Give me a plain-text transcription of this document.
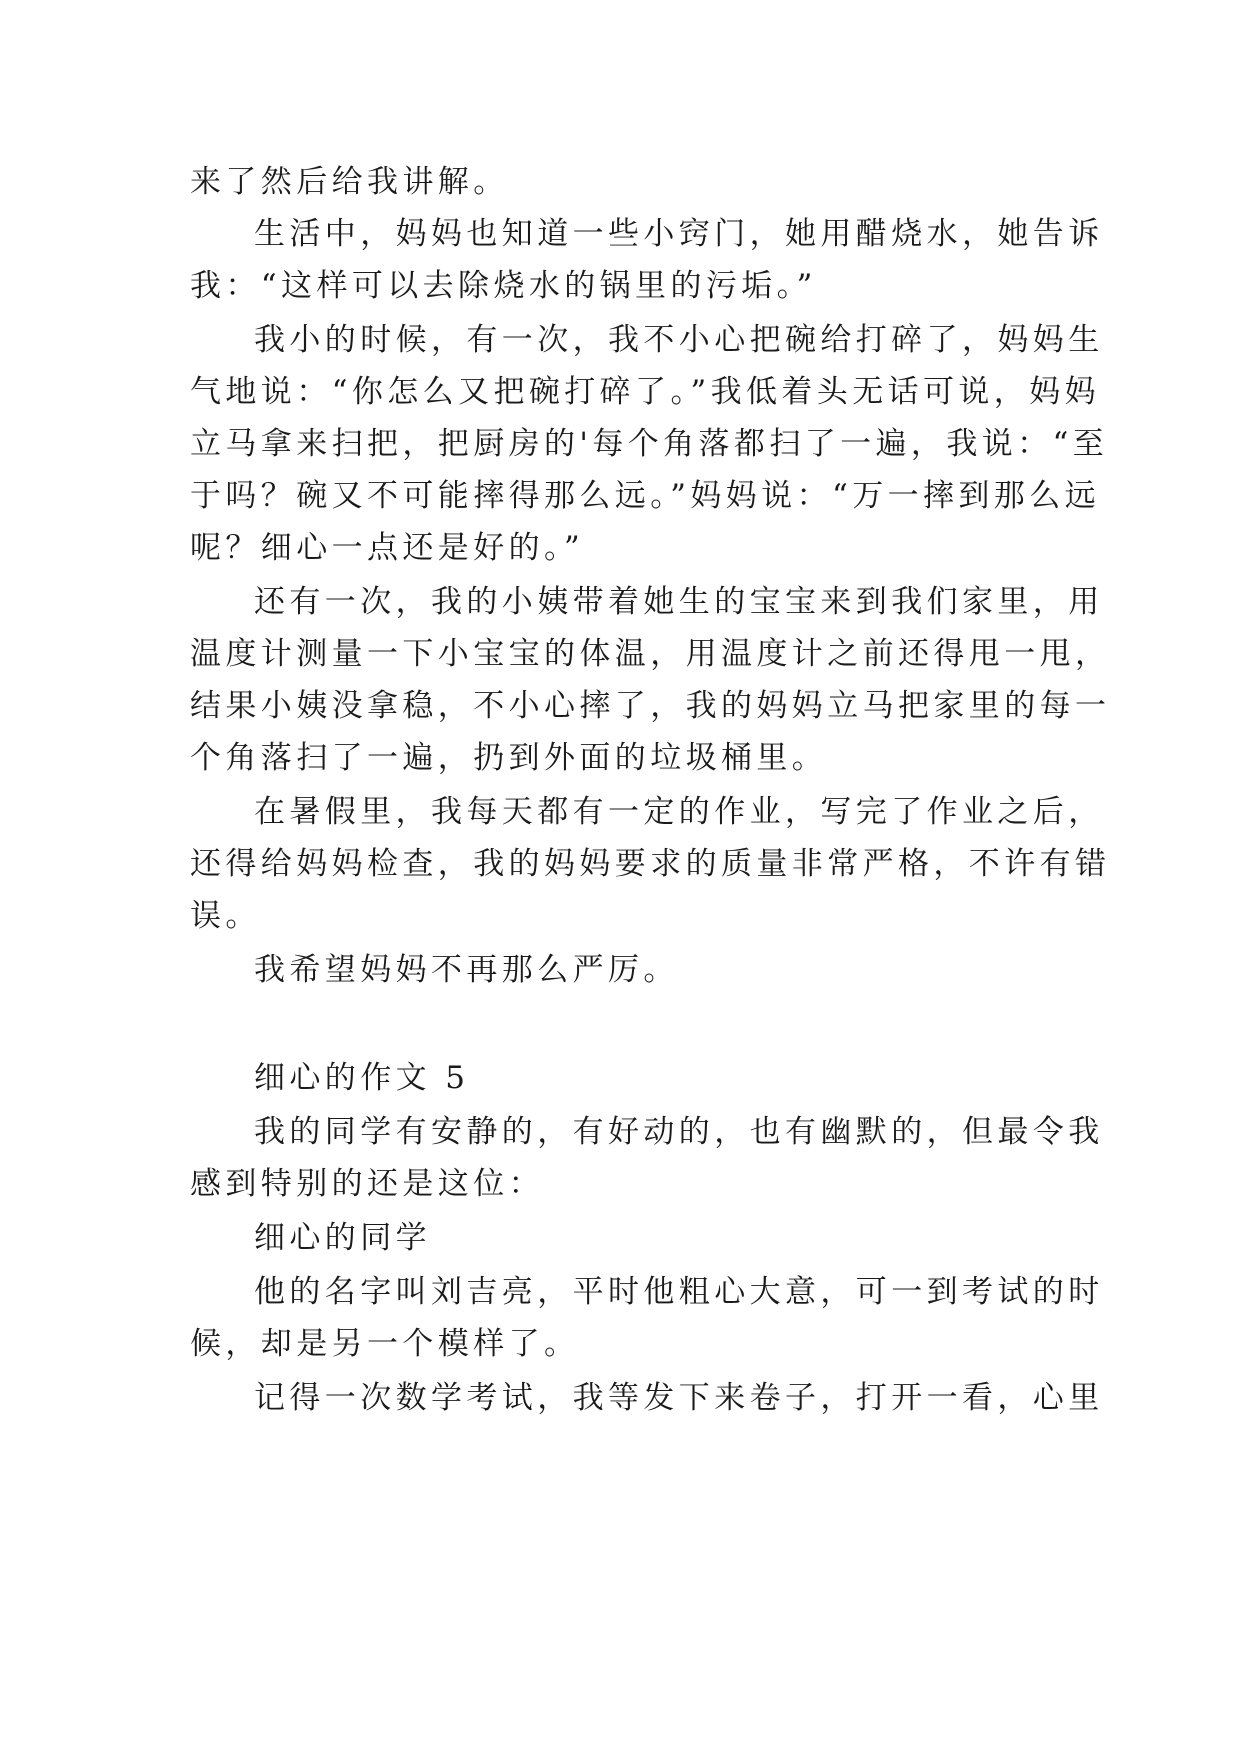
来了然后给我讲解。
生活中，妈妈也知道一些小窍门，她用醋烧水，她告诉
我：“这样可以去除烧水的锅里的污垢。”
我小的时候，有一次，我不小心把碗给打碎了，妈妈生
气地说：“你怎么又把碗打碎了。”我低着头无话可说，妈妈
立马拿来扫把，把厨房的'每个角落都扫了一遍，我说：“至
于吗？碗又不可能摔得那么远。”妈妈说：“万一摔到那么远
呢？细心一点还是好的。”
还有一次，我的小姨带着她生的宝宝来到我们家里，用
温度计测量一下小宝宝的体温，用温度计之前还得甩一甩，
结果小姨没拿稳，不小心摔了，我的妈妈立马把家里的每一
个角落扫了一遍，扔到外面的垃圾桶里。
在暑假里，我每天都有一定的作业，写完了作业之后，
还得给妈妈检查，我的妈妈要求的质量非常严格，不许有错
误。
我希望妈妈不再那么严厉。
细心的作文 5
我的同学有安静的，有好动的，也有幽默的，但最令我
感到特别的还是这位：
细心的同学
他的名字叫刘吉亮，平时他粗心大意，可一到考试的时
候，却是另一个模样了。
记得一次数学考试，我等发下来卷子，打开一看，心里
